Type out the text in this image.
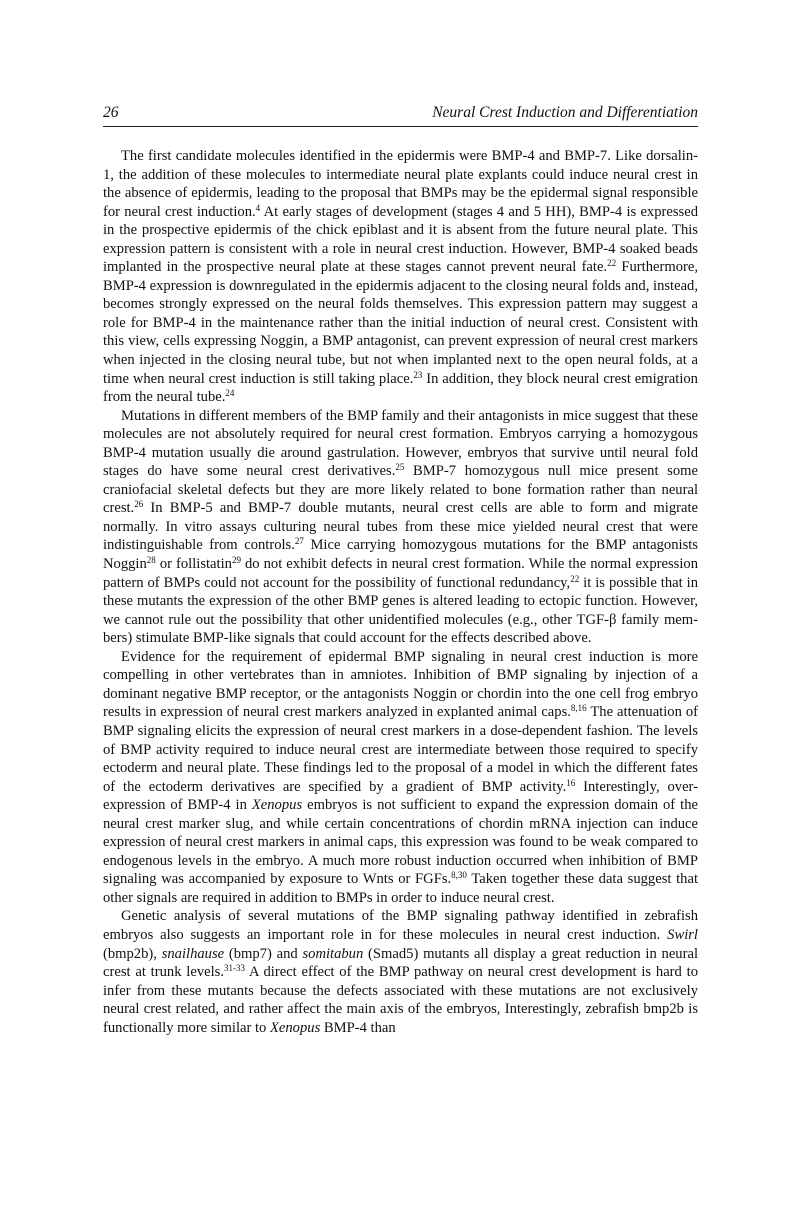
26	Neural Crest Induction and Differentiation

The first candidate molecules identified in the epidermis were BMP-4 and BMP-7. Like dorsalin-1, the addition of these molecules to intermediate neural plate explants could induce neural crest in the absence of epidermis, leading to the proposal that BMPs may be the epidermal signal responsible for neural crest induction.$^4$ At early stages of development (stages 4 and 5 HH), BMP-4 is expressed in the prospective epidermis of the chick epiblast and it is absent from the future neural plate. This expression pattern is consistent with a role in neural crest induction. However, BMP-4 soaked beads implanted in the prospective neural plate at these stages cannot prevent neural fate.$^{22}$ Furthermore, BMP-4 expression is downregulated in the epidermis adjacent to the closing neural folds and, instead, becomes strongly expressed on the neural folds themselves. This expression pattern may suggest a role for BMP-4 in the maintenance rather than the initial induction of neural crest. Consistent with this view, cells expressing Noggin, a BMP antagonist, can prevent expression of neural crest markers when injected in the closing neural tube, but not when implanted next to the open neural folds, at a time when neural crest induction is still taking place.$^{23}$ In addition, they block neural crest emigration from the neural tube.$^{24}$

Mutations in different members of the BMP family and their antagonists in mice suggest that these molecules are not absolutely required for neural crest formation. Embryos carrying a homozygous BMP-4 mutation usually die around gastrulation. However, embryos that survive until neural fold stages do have some neural crest derivatives.$^{25}$ BMP-7 homozygous null mice present some craniofacial skeletal defects but they are more likely related to bone formation rather than neural crest.$^{26}$ In BMP-5 and BMP-7 double mutants, neural crest cells are able to form and migrate normally. In vitro assays culturing neural tubes from these mice yielded neural crest that were indistinguishable from controls.$^{27}$ Mice carrying homozygous mutations for the BMP antagonists Noggin$^{28}$ or follistatin$^{29}$ do not exhibit defects in neural crest formation. While the normal expression pattern of BMPs could not account for the possibility of functional redundancy,$^{22}$ it is possible that in these mutants the expression of the other BMP genes is altered leading to ectopic function. However, we cannot rule out the possibility that other unidentified molecules (e.g., other TGF-β family members) stimulate BMP-like signals that could account for the effects described above.

Evidence for the requirement of epidermal BMP signaling in neural crest induction is more compelling in other vertebrates than in amniotes. Inhibition of BMP signaling by injection of a dominant negative BMP receptor, or the antagonists Noggin or chordin into the one cell frog embryo results in expression of neural crest markers analyzed in explanted animal caps.$^{8,16}$ The attenuation of BMP signaling elicits the expression of neural crest markers in a dose-dependent fashion. The levels of BMP activity required to induce neural crest are intermediate between those required to specify ectoderm and neural plate. These findings led to the proposal of a model in which the different fates of the ectoderm derivatives are specified by a gradient of BMP activity.$^{16}$ Interestingly, over-expression of BMP-4 in Xenopus embryos is not sufficient to expand the expression domain of the neural crest marker slug, and while certain concentrations of chordin mRNA injection can induce expression of neural crest markers in animal caps, this expression was found to be weak compared to endogenous levels in the embryo. A much more robust induction occurred when inhibition of BMP signaling was accompanied by exposure to Wnts or FGFs.$^{8,30}$ Taken together these data suggest that other signals are required in addition to BMPs in order to induce neural crest.

Genetic analysis of several mutations of the BMP signaling pathway identified in zebrafish embryos also suggests an important role in for these molecules in neural crest induction. Swirl (bmp2b), snailhause (bmp7) and somitabun (Smad5) mutants all display a great reduction in neural crest at trunk levels.$^{31-33}$ A direct effect of the BMP pathway on neural crest development is hard to infer from these mutants because the defects associated with these mutations are not exclusively neural crest related, and rather affect the main axis of the embryos, Interestingly, zebrafish bmp2b is functionally more similar to Xenopus BMP-4 than
